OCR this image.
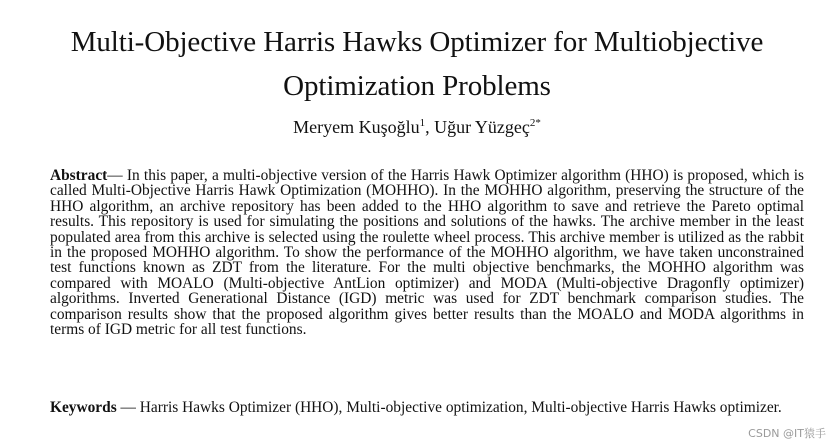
Multi-Objective Harris Hawks Optimizer for Multiobjective
Optimization Problems

Meryem Kuşoğlu$^1$, Uğur Yüzgeç$^{2*}$

Abstract— In this paper, a multi-objective version of the Harris Hawk Optimizer algorithm (HHO) is proposed, which is called Multi-Objective Harris Hawk Optimization (MOHHO). In the MOHHO algorithm, preserving the structure of the HHO algorithm, an archive repository has been added to the HHO algorithm to save and retrieve the Pareto optimal results. This repository is used for simulating the positions and solutions of the hawks. The archive member in the least populated area from this archive is selected using the roulette wheel process. This archive member is utilized as the rabbit in the proposed MOHHO algorithm. To show the performance of the MOHHO algorithm, we have taken unconstrained test functions known as ZDT from the literature. For the multi objective benchmarks, the MOHHO algorithm was compared with MOALO (Multi-objective AntLion optimizer) and MODA (Multi-objective Dragonfly optimizer) algorithms. Inverted Generational Distance (IGD) metric was used for ZDT benchmark comparison studies. The comparison results show that the proposed algorithm gives better results than the MOALO and MODA algorithms in terms of IGD metric for all test functions.

Keywords — Harris Hawks Optimizer (HHO), Multi-objective optimization, Multi-objective Harris Hawks optimizer.

CSDN @IT猿手
